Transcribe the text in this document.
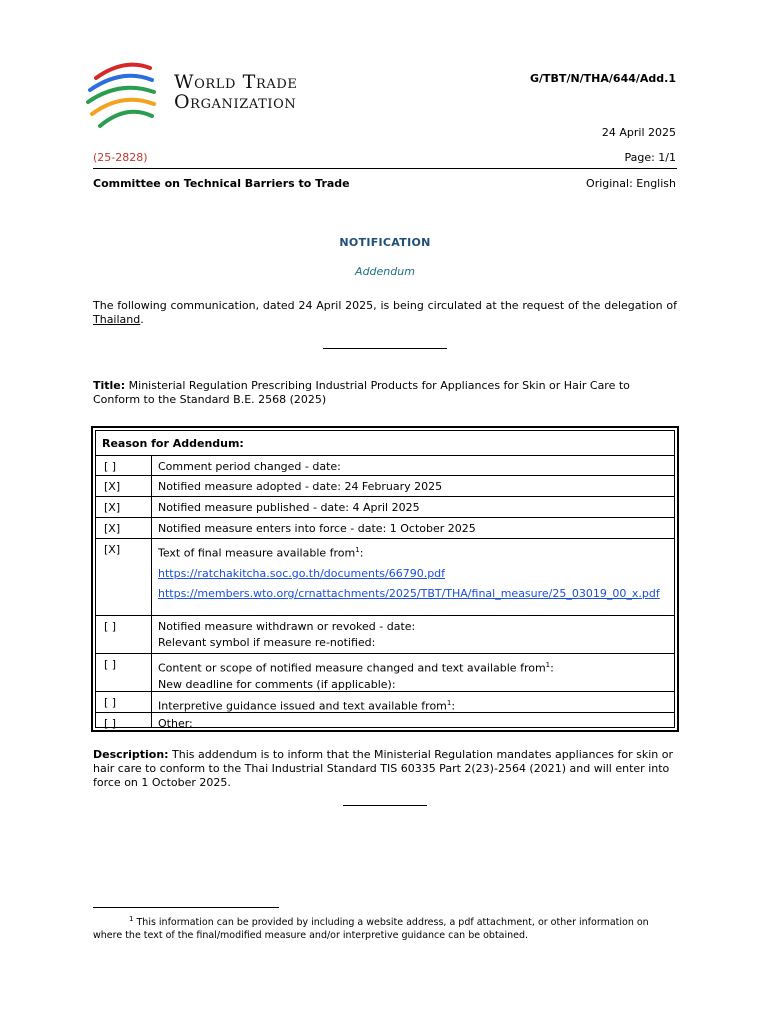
World Trade
Organization
G/TBT/N/THA/644/Add.1
24 April 2025
(25-2828)	Page: 1/1
Committee on Technical Barriers to Trade	Original: English
NOTIFICATION
Addendum
The following communication, dated 24 April 2025, is being circulated at the request of the delegation of Thailand.
Title: Ministerial Regulation Prescribing Industrial Products for Appliances for Skin or Hair Care to Conform to the Standard B.E. 2568 (2025)
Reason for Addendum:
[ ]	Comment period changed - date:
[X]	Notified measure adopted - date: 24 February 2025
[X]	Notified measure published - date: 4 April 2025
[X]	Notified measure enters into force - date: 1 October 2025
[X]	Text of final measure available from$^1$:
https://ratchakitcha.soc.go.th/documents/66790.pdf
https://members.wto.org/crnattachments/2025/TBT/THA/final_measure/25_03019_00_x.pdf
[ ]	Notified measure withdrawn or revoked - date:
Relevant symbol if measure re-notified:
[ ]	Content or scope of notified measure changed and text available from$^1$:
New deadline for comments (if applicable):
[ ]	Interpretive guidance issued and text available from$^1$:
[ ]	Other:
Description: This addendum is to inform that the Ministerial Regulation mandates appliances for skin or hair care to conform to the Thai Industrial Standard TIS 60335 Part 2(23)-2564 (2021) and will enter into force on 1 October 2025.
$^1$ This information can be provided by including a website address, a pdf attachment, or other information on where the text of the final/modified measure and/or interpretive guidance can be obtained.
